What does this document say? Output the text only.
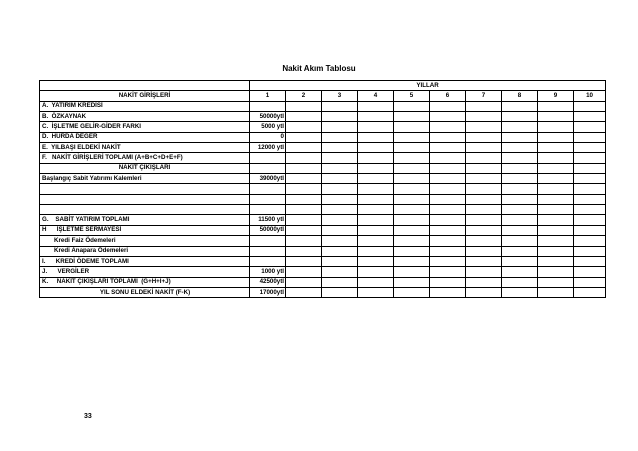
Nakit Akım Tablosu
	YILLAR									
NAKİT GİRİŞLERİ	1	2	3	4	5	6	7	8	9	10
A.  YATIRIM KREDİSİ										
B.  ÖZKAYNAK	50000ytl									
C.  İŞLETME GELİR-GİDER FARKI	5000 ytl									
D.  HURDA DEĞER	0									
E.  YILBAŞI ELDEKİ NAKİT	12000 ytl									
F.   NAKİT GİRİŞLERİ TOPLAMI (A+B+C+D+E+F)										
NAKİT ÇIKIŞLARI										
Başlangıç Sabit Yatırımı Kalemleri	39000ytl									

G.    SABİT YATIRIM TOPLAMI	11500 ytl									
H      İŞLETME SERMAYESİ	50000ytl									
Kredi Faiz Ödemeleri										
Kredi Anapara Ödemeleri										
I.      KREDİ ÖDEME TOPLAMI										
J.      VERGİLER	1000 ytl									
K.     NAKİT ÇIKIŞLARI TOPLAMI  (G+H+I+J)	42500ytl									
YIL SONU ELDEKİ NAKİT (F-K)	17000ytl									
33
